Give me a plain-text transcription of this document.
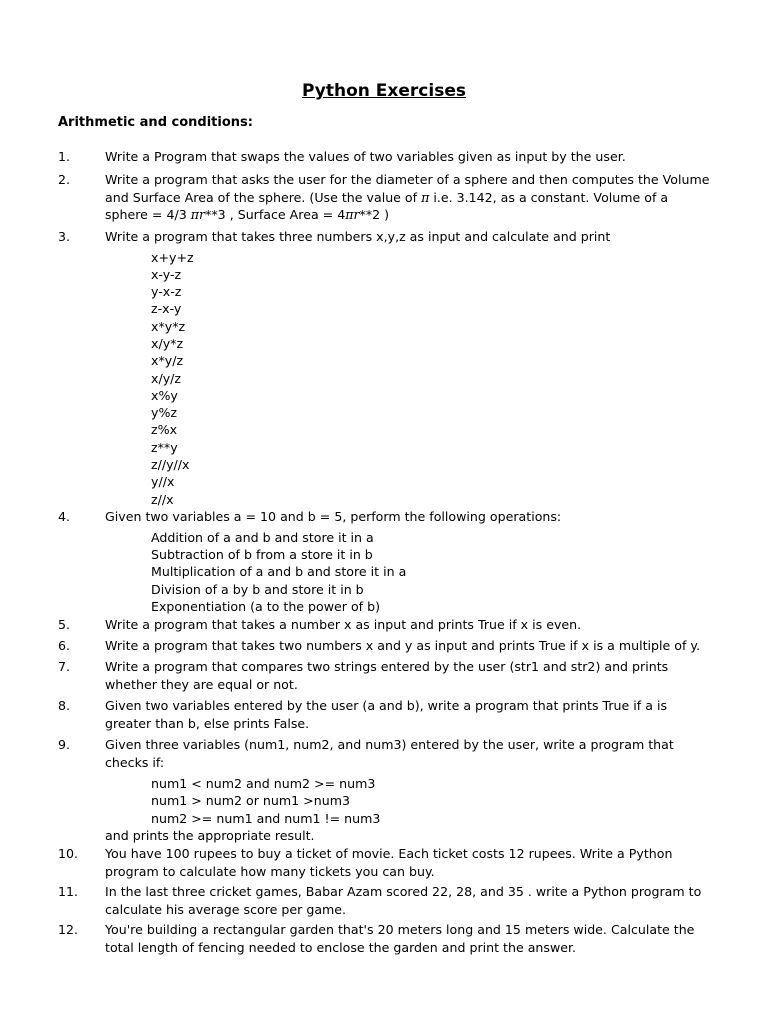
Python Exercises
Arithmetic and conditions:
1.	Write a Program that swaps the values of two variables given as input by the user.
2.	Write a program that asks the user for the diameter of a sphere and then computes the Volume
and Surface Area of the sphere. (Use the value of π i.e. 3.142, as a constant. Volume of a
sphere = 4/3 πr**3 , Surface Area = 4πr**2 )
3.	Write a program that takes three numbers x,y,z as input and calculate and print
x+y+z
x-y-z
y-x-z
z-x-y
x*y*z
x/y*z
x*y/z
x/y/z
x%y
y%z
z%x
z**y
z//y//x
y//x
z//x
4.	Given two variables a = 10 and b = 5, perform the following operations:
Addition of a and b and store it in a
Subtraction of b from a store it in b
Multiplication of a and b and store it in a
Division of a by b and store it in b
Exponentiation (a to the power of b)
5.	Write a program that takes a number x as input and prints True if x is even.
6.	Write a program that takes two numbers x and y as input and prints True if x is a multiple of y.
7.	Write a program that compares two strings entered by the user (str1 and str2) and prints
whether they are equal or not.
8.	Given two variables entered by the user (a and b), write a program that prints True if a is
greater than b, else prints False.
9.	Given three variables (num1, num2, and num3) entered by the user, write a program that
checks if:
num1 < num2 and num2 >= num3
num1 > num2 or num1 >num3
num2 >= num1 and num1 != num3
and prints the appropriate result.
10. You have 100 rupees to buy a ticket of movie. Each ticket costs 12 rupees. Write a Python
program to calculate how many tickets you can buy.
11. In the last three cricket games, Babar Azam scored 22, 28, and 35 . write a Python program to
calculate his average score per game.
12. You're building a rectangular garden that's 20 meters long and 15 meters wide. Calculate the
total length of fencing needed to enclose the garden and print the answer.
